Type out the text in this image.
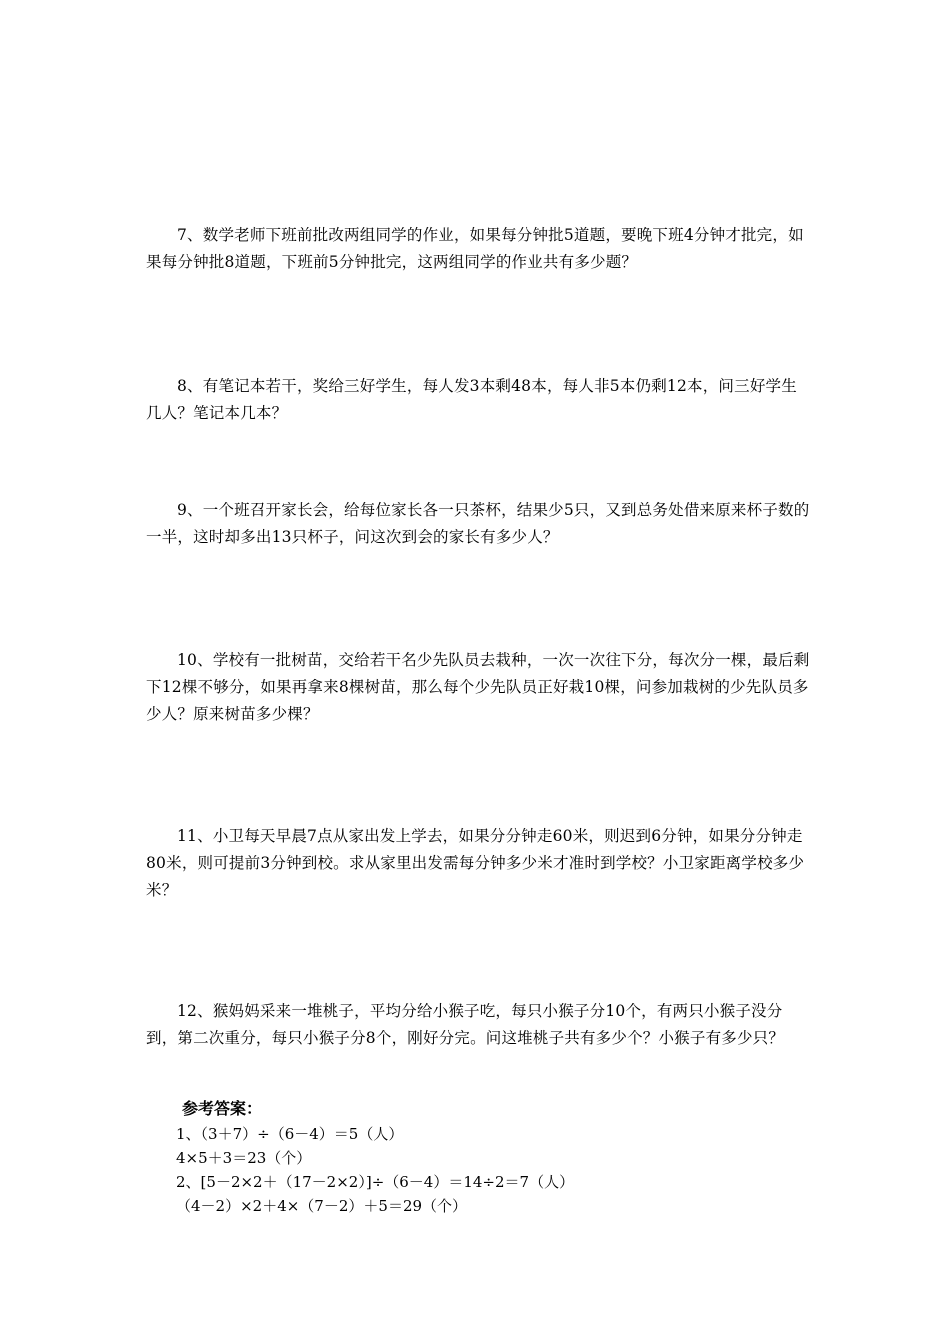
7、数学老师下班前批改两组同学的作业，如果每分钟批5道题，要晚下班4分钟才批完，如果每分钟批8道题，下班前5分钟批完，这两组同学的作业共有多少题？

8、有笔记本若干，奖给三好学生，每人发3本剩48本，每人非5本仍剩12本，问三好学生几人？笔记本几本？

9、一个班召开家长会，给每位家长各一只茶杯，结果少5只，又到总务处借来原来杯子数的一半，这时却多出13只杯子，问这次到会的家长有多少人？

10、学校有一批树苗，交给若干名少先队员去栽种，一次一次往下分，每次分一棵，最后剩下12棵不够分，如果再拿来8棵树苗，那么每个少先队员正好栽10棵，问参加栽树的少先队员多少人？原来树苗多少棵？

11、小卫每天早晨7点从家出发上学去，如果分分钟走60米，则迟到6分钟，如果分分钟走80米，则可提前3分钟到校。求从家里出发需每分钟多少米才准时到学校？小卫家距离学校多少米？

12、猴妈妈采来一堆桃子，平均分给小猴子吃，每只小猴子分10个，有两只小猴子没分到，第二次重分，每只小猴子分8个，刚好分完。问这堆桃子共有多少个？小猴子有多少只？

参考答案：

1、（3＋7）÷（6－4）＝5（人）

4×5＋3＝23（个）

2、[5－2×2＋（17－2×2）]÷（6－4）＝14÷2＝7（人）

（4－2）×2＋4×（7－2）＋5＝29（个）
